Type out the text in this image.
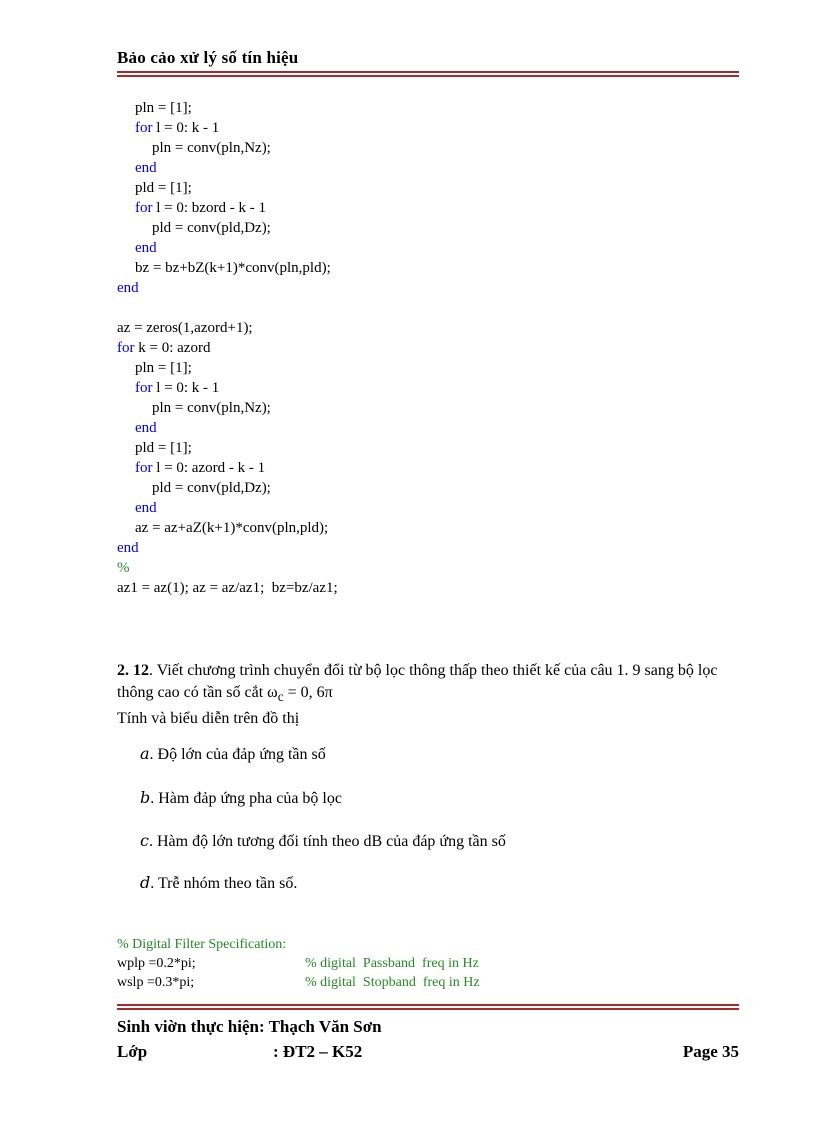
Bảo cảo xử lý số tín hiệu
pln = [1];
for l = 0: k - 1
pln = conv(pln,Nz);
end
pld = [1];
for l = 0: bzord - k - 1
pld = conv(pld,Dz);
end
bz = bz+bZ(k+1)*conv(pln,pld);
end
az = zeros(1,azord+1);
for k = 0: azord
pln = [1];
for l = 0: k - 1
pln = conv(pln,Nz);
end
pld = [1];
for l = 0: azord - k - 1
pld = conv(pld,Dz);
end
az = az+aZ(k+1)*conv(pln,pld);
end
%
az1 = az(1); az = az/az1;  bz=bz/az1;
2. 12. Viết chương trình chuyển đổi từ bộ lọc thông thấp theo thiết kế của câu 1. 9 sang bộ lọc thông cao có tần số cắt $\omega_c = 0$, 6π
Tính và biểu diễn trên đồ thị
a. Độ lớn của đảp ứng tần số
b. Hàm đảp ứng pha của bộ lọc
c. Hàm độ lớn tương đối tính theo dB của đáp ứng tần số
d. Trễ nhóm theo tần số.
% Digital Filter Specification:
wplp =0.2*pi;	% digital  Passband  freq in Hz
wslp =0.3*pi;	% digital  Stopband  freq in Hz
Sinh viờn thực hiện: Thạch Văn Sơn
Lớp	: ĐT2 – K52	Page 35
